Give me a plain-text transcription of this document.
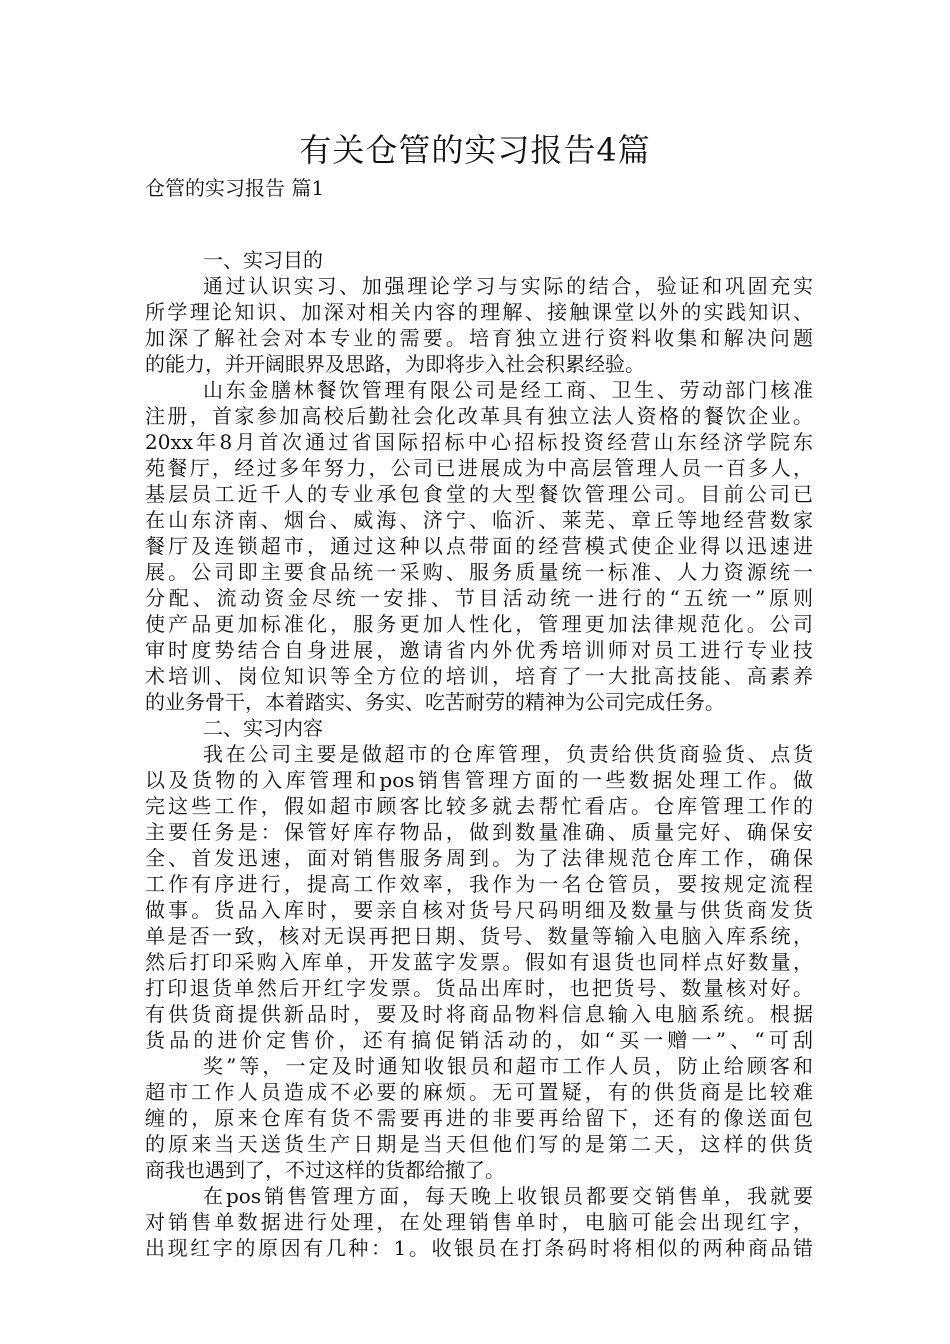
有关仓管的实习报告4篇

仓管的实习报告 篇1

一、实习目的
通过认识实习、加强理论学习与实际的结合，验证和巩固充实
所学理论知识、加深对相关内容的理解、接触课堂以外的实践知识、
加深了解社会对本专业的需要。培育独立进行资料收集和解决问题
的能力，并开阔眼界及思路，为即将步入社会积累经验。
山东金膳林餐饮管理有限公司是经工商、卫生、劳动部门核准
注册，首家参加高校后勤社会化改革具有独立法人资格的餐饮企业。
20xx年8月首次通过省国际招标中心招标投资经营山东经济学院东
苑餐厅，经过多年努力，公司已进展成为中高层管理人员一百多人，
基层员工近千人的专业承包食堂的大型餐饮管理公司。目前公司已
在山东济南、烟台、威海、济宁、临沂、莱芜、章丘等地经营数家
餐厅及连锁超市，通过这种以点带面的经营模式使企业得以迅速进
展。公司即主要食品统一采购、服务质量统一标准、人力资源统一
分配、流动资金尽统一安排、节目活动统一进行的“五统一”原则
使产品更加标准化，服务更加人性化，管理更加法律规范化。公司
审时度势结合自身进展，邀请省内外优秀培训师对员工进行专业技
术培训、岗位知识等全方位的培训，培育了一大批高技能、高素养
的业务骨干，本着踏实、务实、吃苦耐劳的精神为公司完成任务。
二、实习内容
我在公司主要是做超市的仓库管理，负责给供货商验货、点货
以及货物的入库管理和pos销售管理方面的一些数据处理工作。做
完这些工作，假如超市顾客比较多就去帮忙看店。仓库管理工作的
主要任务是：保管好库存物品，做到数量准确、质量完好、确保安
全、首发迅速，面对销售服务周到。为了法律规范仓库工作，确保
工作有序进行，提高工作效率，我作为一名仓管员，要按规定流程
做事。货品入库时，要亲自核对货号尺码明细及数量与供货商发货
单是否一致，核对无误再把日期、货号、数量等输入电脑入库系统，
然后打印采购入库单，开发蓝字发票。假如有退货也同样点好数量，
打印退货单然后开红字发票。货品出库时，也把货号、数量核对好。
有供货商提供新品时，要及时将商品物料信息输入电脑系统。根据
货品的进价定售价，还有搞促销活动的，如“买一赠一”、“可刮
奖”等，一定及时通知收银员和超市工作人员，防止给顾客和
超市工作人员造成不必要的麻烦。无可置疑，有的供货商是比较难
缠的，原来仓库有货不需要再进的非要再给留下，还有的像送面包
的原来当天送货生产日期是当天但他们写的是第二天，这样的供货
商我也遇到了，不过这样的货都给撤了。
在pos销售管理方面，每天晚上收银员都要交销售单，我就要
对销售单数据进行处理，在处理销售单时，电脑可能会出现红字，
出现红字的原因有几种：1。收银员在打条码时将相似的两种商品错
